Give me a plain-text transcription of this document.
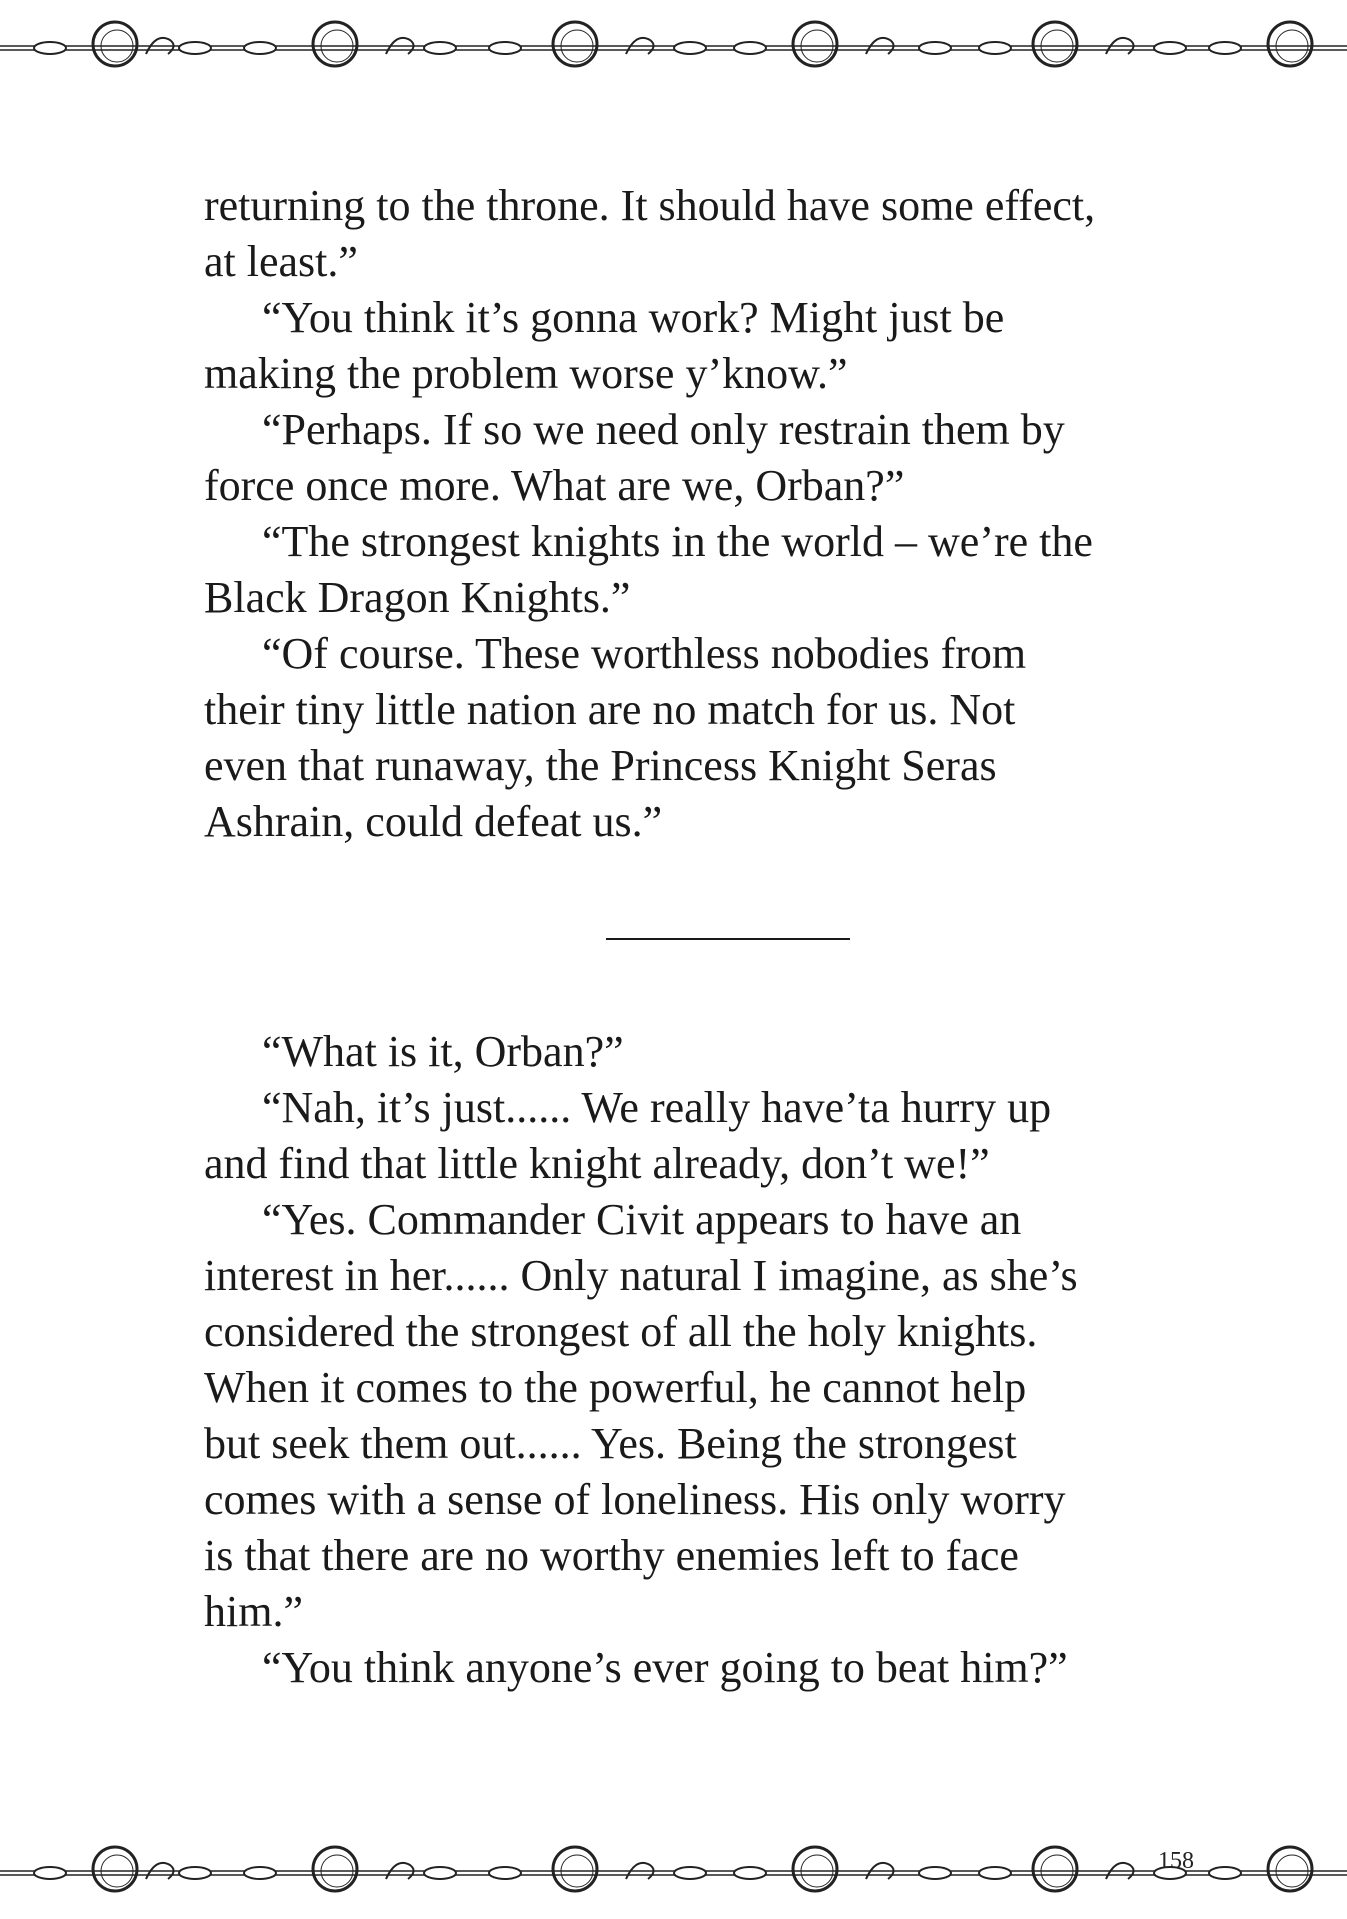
returning to the throne. It should have some effect,
at least.”
“You think it’s gonna work? Might just be
making the problem worse y’know.”
“Perhaps. If so we need only restrain them by
force once more. What are we, Orban?”
“The strongest knights in the world – we’re the
Black Dragon Knights.”
“Of course. These worthless nobodies from
their tiny little nation are no match for us. Not
even that runaway, the Princess Knight Seras
Ashrain, could defeat us.”
“What is it, Orban?”
“Nah, it’s just...... We really have’ta hurry up
and find that little knight already, don’t we!”
“Yes. Commander Civit appears to have an
interest in her...... Only natural I imagine, as she’s
considered the strongest of all the holy knights.
When it comes to the powerful, he cannot help
but seek them out...... Yes. Being the strongest
comes with a sense of loneliness. His only worry
is that there are no worthy enemies left to face
him.”
“You think anyone’s ever going to beat him?”
158
